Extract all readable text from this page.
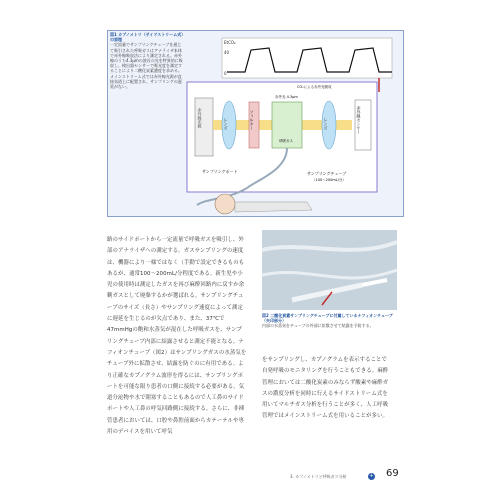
EtCO₂
40
0
赤外線光源	レンズ	フィルター
赤外光 4.3μm
CO₂による赤外光吸収
呼吸ガス
レンズ	赤外線センサー
サンプリングポート	サンプリングチューブ
（100〜200mL/分）
図1 カプノメトリ（サイドストリーム式）の原理
一定流量でサンプリングチューブを通じて吸引された呼吸ガスはアナライザ本体で赤外線吸収法により測定される。赤外線のうち4.3μmの波長の光を特異的に吸収し、検出器センサーで吸光度を測定することにより二酸化炭素濃度を求める。メインストリーム式では赤外線光源が直接気道上に配置され、サンプリングの遅延がない。
路のサイドポートから一定流量で呼吸ガスを吸引し、外部のアナライザへの測定する。ガスサンプリングの速度は、機器により一様ではなく（手動で設定できるものもあるが、通常100〜200mL/分程度である。新生児や小児の使用時は測定したガスを再び麻酔回路内に戻すか余剰ガスとして廃棄するかが選ばれる。サンプリングチューブのサイズ（長さ）やサンプリング速度によって測定に遅延を生じるのが欠点であり、また、37℃で47mmHgの飽和水蒸気が混在した呼吸ガスを、サンプリングチューブ内部に結露させると測定不能となる。ナフィオンチューブ（図2）はサンプリングガスの水蒸気をチューブ外に拡散させ、結露を防ぐのに有用である。より正確なカプノグラム波形を得るには、サンプリングポートを可能な限り患者の口側に接続する必要がある。気道分泌物や水で閉塞することもあるので人工鼻のサイドポートや人工鼻の呼気回路側に接続する。さらに、非挿管患者においては、口腔や鼻腔前面からカテーテルや専用のデバイスを用いて呼気
図2 二酸化炭素サンプリングチューブに付属しているナフィオンチューブ（矢印部分）
内部の水蒸気をチューブの外部に拡散させて結露を予防する。
をサンプリングし、カプノグラムを表示することで自発呼吸のモニタリングを行うこともできる。麻酔管理においては二酸化炭素のみならず酸素や麻酔ガスの濃度分析を同時に行えるサイドストリーム式を用いてマルチガス分析を行うことが多く、人工呼吸管理ではメインストリーム式を用いることが多い。
3. カプノメトリと呼吸ガス分析	+ 69
